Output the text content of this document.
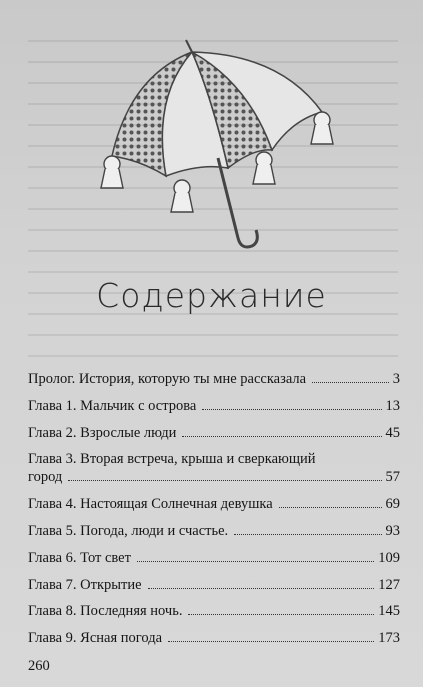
Содержание
Пролог. История, которую ты мне рассказала	3
Глава 1. Мальчик с острова	13
Глава 2. Взрослые люди	45
Глава 3. Вторая встреча, крыша и сверкающий
город	57
Глава 4. Настоящая Солнечная девушка	69
Глава 5. Погода, люди и счастье.	93
Глава 6. Тот свет	109
Глава 7. Открытие	127
Глава 8. Последняя ночь.	145
Глава 9. Ясная погода	173
260
